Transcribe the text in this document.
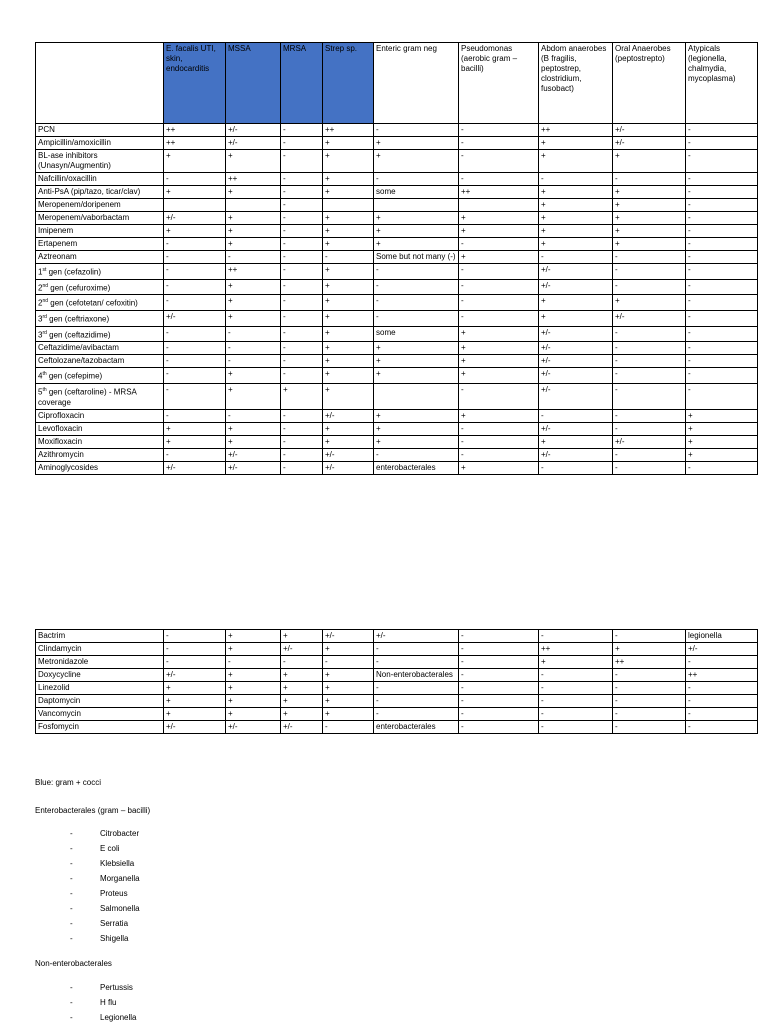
	E. facalis UTI, skin, endocarditis	MSSA	MRSA	Strep sp.	Enteric gram neg	Pseudomonas (aerobic gram – bacilli)	Abdom anaerobes (B fragilis, peptostrep, clostridium, fusobact)	Oral Anaerobes (peptostrepto)	Atypicals (legionella, chalmydia, mycoplasma)
PCN	++	+/-	-	++	-	-	++	+/-	-
Ampicillin/amoxicillin	++	+/-	-	+	+	-	+	+/-	-
BL-ase inhibitors (Unasyn/Augmentin)	+	+	-	+	+	-	+	+	-
Nafcillin/oxacillin	-	++	-	+	-	-	-	-	-
Anti-PsA (pip/tazo, ticar/clav)	+	+	-	+	some	++	+	+	-
Meropenem/doripenem			-				+	+	-
Meropenem/vaborbactam	+/-	+	-	+	+	+	+	+	-
Imipenem	+	+	-	+	+	+	+	+	-
Ertapenem	-	+	-	+	+	-	+	+	-
Aztreonam	-	-	-	-	Some but not many (-)	+	-	-	-
1st gen (cefazolin)	-	++	-	+	-	-	+/-	-	-
2nd gen (cefuroxime)	-	+	-	+	-	-	+/-	-	-
2nd gen (cefotetan/ cefoxitin)	-	+	-	+	-	-	+	+	-
3rd gen (ceftriaxone)	+/-	+	-	+	-	-	+	+/-	-
3rd gen (ceftazidime)	-	-	-	+	some	+	+/-	-	-
Ceftazidime/avibactam	-	-	-	+	+	+	+/-	-	-
Ceftolozane/tazobactam	-	-	-	+	+	+	+/-	-	-
4th gen (cefepime)	-	+	-	+	+	+	+/-	-	-
5th gen (ceftaroline) - MRSA coverage	-	+	+	+		-	+/-	-	-
Ciprofloxacin	-	-	-	+/-	+	+	-	-	+
Levofloxacin	+	+	-	+	+	-	+/-	-	+
Moxifloxacin	+	+	-	+	+	-	+	+/-	+
Azithromycin	-	+/-	-	+/-	-	-	+/-	-	+
Aminoglycosides	+/-	+/-	-	+/-	enterobacterales	+	-	-	-
Bactrim	-	+	+	+/-	+/-	-	-	-	legionella
Clindamycin	-	+	+/-	+	-	-	++	+	+/-
Metronidazole	-	-	-	-	-	-	+	++	-
Doxycycline	+/-	+	+	+	Non-enterobacterales	-	-	-	++
Linezolid	+	+	+	+	-	-	-	-	-
Daptomycin	+	+	+	+	-	-	-	-	-
Vancomycin	+	+	+	+	-	-	-	-	-
Fosfomycin	+/-	+/-	+/-	-	enterobacterales	-	-	-	-
Blue: gram + cocci
Enterobacterales (gram – bacilli)
-	Citrobacter
-	E coli
-	Klebsiella
-	Morganella
-	Proteus
-	Salmonella
-	Serratia
-	Shigella
Non-enterobacterales
-	Pertussis
-	H flu
-	Legionella
